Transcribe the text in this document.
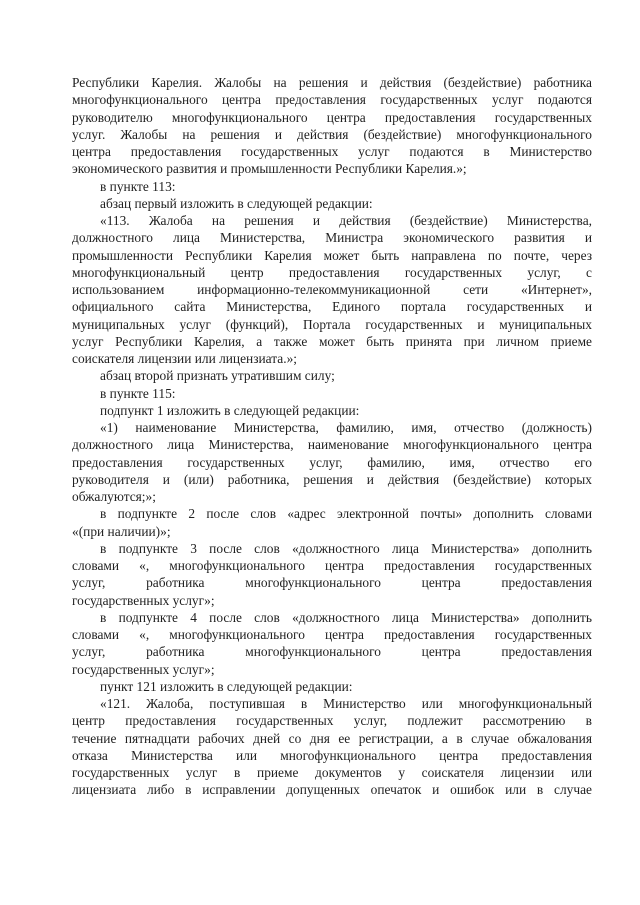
Республики Карелия. Жалобы на решения и действия (бездействие) работника
многофункционального центра предоставления государственных услуг подаются
руководителю многофункционального центра предоставления государственных
услуг. Жалобы на решения и действия (бездействие) многофункционального
центра предоставления государственных услуг подаются в Министерство
экономического развития и промышленности Республики Карелия.»;
в пункте 113:
абзац первый изложить в следующей редакции:
«113. Жалоба на решения и действия (бездействие) Министерства,
должностного лица Министерства, Министра экономического развития и
промышленности Республики Карелия может быть направлена по почте, через
многофункциональный центр предоставления государственных услуг, с
использованием информационно-телекоммуникационной сети «Интернет»,
официального сайта Министерства, Единого портала государственных и
муниципальных услуг (функций), Портала государственных и муниципальных
услуг Республики Карелия, а также может быть принята при личном приеме
соискателя лицензии или лицензиата.»;
абзац второй признать утратившим силу;
в пункте 115:
подпункт 1 изложить в следующей редакции:
«1) наименование Министерства, фамилию, имя, отчество (должность)
должностного лица Министерства, наименование многофункционального центра
предоставления государственных услуг, фамилию, имя, отчество его
руководителя и (или) работника, решения и действия (бездействие) которых
обжалуются;»;
в подпункте 2 после слов «адрес электронной почты» дополнить словами
«(при наличии)»;
в подпункте 3 после слов «должностного лица Министерства» дополнить
словами «, многофункционального центра предоставления государственных
услуг, работника многофункционального центра предоставления
государственных услуг»;
в подпункте 4 после слов «должностного лица Министерства» дополнить
словами «, многофункционального центра предоставления государственных
услуг, работника многофункционального центра предоставления
государственных услуг»;
пункт 121 изложить в следующей редакции:
«121. Жалоба, поступившая в Министерство или многофункциональный
центр предоставления государственных услуг, подлежит рассмотрению в
течение пятнадцати рабочих дней со дня ее регистрации, а в случае обжалования
отказа Министерства или многофункционального центра предоставления
государственных услуг в приеме документов у соискателя лицензии или
лицензиата либо в исправлении допущенных опечаток и ошибок или в случае
